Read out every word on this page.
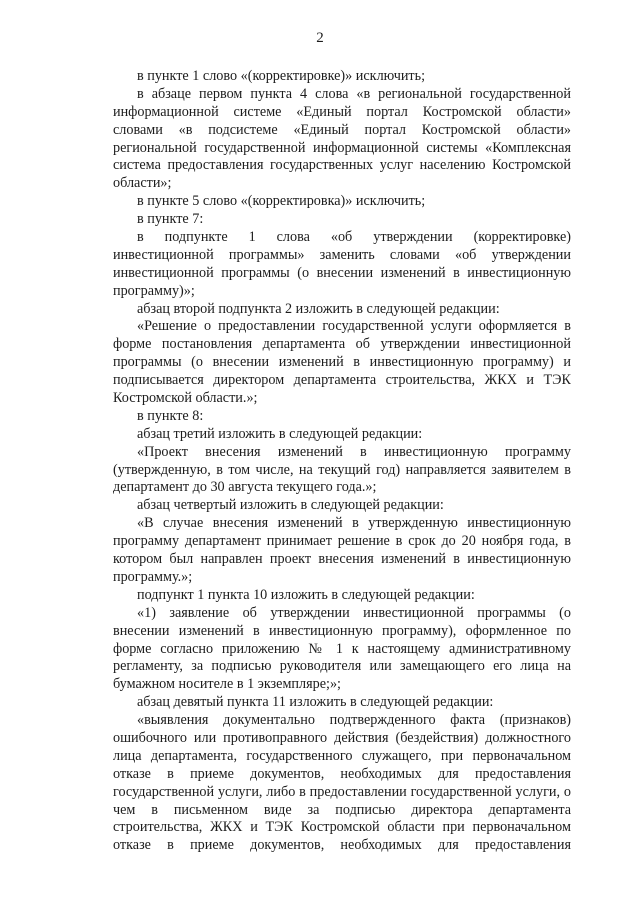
2
в пункте 1 слово «(корректировке)» исключить;
в абзаце первом пункта 4 слова «в региональной государственной
информационной системе «Единый портал Костромской области»
словами «в подсистеме «Единый портал Костромской области»
региональной государственной информационной системы «Комплексная
система предоставления государственных услуг населению Костромской
области»;
в пункте 5 слово «(корректировка)» исключить;
в пункте 7:
в подпункте 1 слова «об утверждении (корректировке)
инвестиционной программы» заменить словами «об утверждении
инвестиционной программы (о внесении изменений в инвестиционную
программу)»;
абзац второй подпункта 2 изложить в следующей редакции:
«Решение о предоставлении государственной услуги оформляется в
форме постановления департамента об утверждении инвестиционной
программы (о внесении изменений в инвестиционную программу) и
подписывается директором департамента строительства, ЖКХ и ТЭК
Костромской области.»;
в пункте 8:
абзац третий изложить в следующей редакции:
«Проект внесения изменений в инвестиционную программу
(утвержденную, в том числе, на текущий год) направляется заявителем в
департамент до 30 августа текущего года.»;
абзац четвертый изложить в следующей редакции:
«В случае внесения изменений в утвержденную инвестиционную
программу департамент принимает решение в срок до 20 ноября года, в
котором был направлен проект внесения изменений в инвестиционную
программу.»;
подпункт 1 пункта 10 изложить в следующей редакции:
«1) заявление об утверждении инвестиционной программы (о
внесении изменений в инвестиционную программу), оформленное по
форме согласно приложению № 1 к настоящему административному
регламенту, за подписью руководителя или замещающего его лица на
бумажном носителе в 1 экземпляре;»;
абзац девятый пункта 11 изложить в следующей редакции:
«выявления документально подтвержденного факта (признаков)
ошибочного или противоправного действия (бездействия) должностного
лица департамента, государственного служащего, при первоначальном
отказе в приеме документов, необходимых для предоставления
государственной услуги, либо в предоставлении государственной услуги, о
чем в письменном виде за подписью директора департамента
строительства, ЖКХ и ТЭК Костромской области при первоначальном
отказе в приеме документов, необходимых для предоставления
